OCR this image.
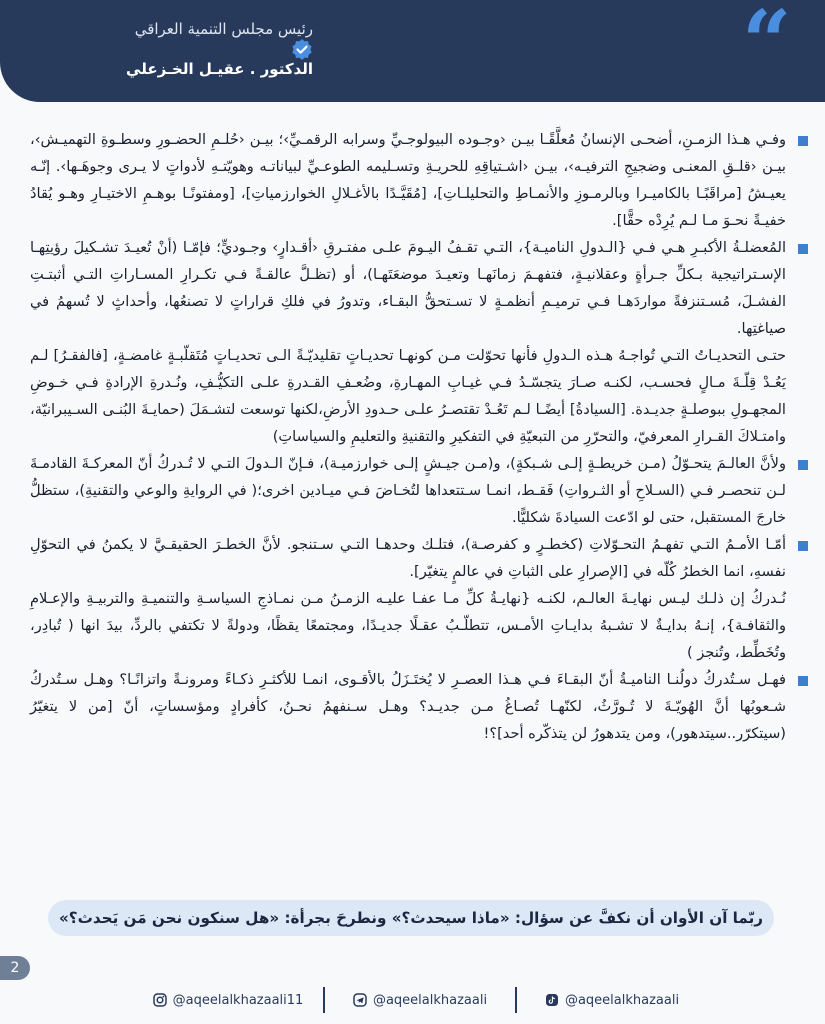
“
رئيس مجلس التنمية العراقي
الدكتور . عقيـل الخـزعلي

وفـي هـذا الزمـنِ، أضحـى الإنسانُ مُعلَّقًـا بيـن ‹وجـوده البيولوجـيِّ وسرابه الرقمـيِّ›؛ بيـن ‹حُلـمِ الحضـورِ وسطـوةِ التهميـش›، بيـن ‹قلـقِ المعنـى وضجيجِ الترفيـه›، بيـن ‹اشـتياقِهِ للحريـةِ وتسـليمه الطوعـيِّ لبياناتـه وهويّتـهِ لأدواتٍ لا يـرى وجوهَـها›. إنّـه يعيـشُ [مراقَبًـا بالكاميـرا وبالرمـوزِ والأنمـاطِ والتحليلـاتِ]، [مُقَيَّـدًا بالأغـلالِ الخوارزمياتِ]، [ومفتونًـا بوهـمِ الاختيـارِ وهـو يُقادُ خفيـةً نحـوَ مـا لـم يُرِدْه حقًّا].

المُعضلـةُ الأكبـرِ هـي فـي {الـدولِ الناميـة}، التـي تقـفُ اليـومَ علـى مفتـرقِ ‹أقـدارٍ› وجـوديٍّ؛ فإمّـا (أنْ تُعيـدَ تشـكيلَ رؤيتِهـا الإسـتراتيجية بـكلِّ جـرأةٍ وعقلانيـةٍ، فتفهـمَ زمانَهـا وتعيـدَ موضعَتَهـا)، أو (تظـلَّ عالقـةً فـي تكـرارِ المسـاراتِ التـي أثبتـتِ الفشـلَ، مُسـتنزفةً مواردَهـا فـي ترميـمِ أنظمـةٍ لا تسـتحقُّ البقـاء، وتدورُ في فلكِ قراراتٍ لا تصنعُها، وأحداثٍ لا تُسهمُ في صياغتِها.

حتـى التحديـاتُ التـي تُواجـهُ هـذه الـدولِ فأنها تحوّلت مـن كونهـا تحديـاتٍ تقليديّـةً الـى تحديـاتٍ مُتَقلّبـةٍ غامضـةٍ، [فالفقـرُ] لـم يَعُـدْ قِلّـةَ مـالٍ فحسـب، لكنـه صـارَ يتجسّـدُ فـي غيـابِ المهـارةِ، وضُعـفِ القـدرةِ علـى التكيُّـفِ، ونُـدرةِ الإرادةِ فـي خـوضِ المجهـولِ ببوصلـةٍ جديـدة. [السيادةُ] أيضًـا لـم تَعُـدْ تقتصـرُ علـى حـدودِ الأرضِ،لكنها توسعت لتشـمَلَ (حمايـةَ البُنـى السـيبرانيّة، وامتـلاكَ القـرارِ المعرفيّ، والتحرّرِ من التبعيّةِ في التفكيرِ والتقنيةِ والتعليمِ والسياساتِ)

ولأنَّ العالـمَ يتحـوّلُ (مـن خريطـةٍ إلـى شـبكةٍ)، و(مـن جيـشٍ إلـى خوارزميـة)، فـإنّ الـدولَ التـي لا تُـدركُ أنّ المعركـةَ القادمـةَ لـن تنحصـر فـي (السـلاحِ أو الثـرواتِ) فَقـط، انمـا سـتتعداها لتُخـاضَ فـي ميـادين اخرى؛( في الروايةِ والوعي والتقنيةِ)، ستظلُّ خارجَ المستقبل، حتى لو ادّعت السيادةَ شكليًّا.

أمّـا الأمـمُ التـي تفهـمُ التحـوّلاتِ (كخطـرٍ و كفرصـة)، فتلـك وحدهـا التـي سـتنجو. لأنَّ الخطـرَ الحقيقـيَّ لا يكمنُ في التحوّلِ نفسهِ، انما الخطرُ كُلّه في [الإصرارِ على الثباتِ في عالمٍ يتغيّر].

نُـدركُ إن ذلـك ليـس نهايـةَ العالـم، لكنـه {نهايـةُ كلِّ مـا عفـا عليـه الزمـنُ مـن نمـاذجِ السياسـةِ والتنميـةِ والتربيـةِ والإعـلامِ والثقافـة}، إنـهُ بدايـةٌ لا تشـبهُ بدايـاتِ الأمـس، تتطلّـبُ عقـلًا جديـدًا، ومجتمعًا يقظًا، ودولةً لا تكتفي بالردِّ، بيدَ انها ( تُبادِر، وتُخَطِّط، وتُنجز )

فهـل سـتُدركُ دولُنـا الناميـةُ أنّ البقـاءَ فـي هـذا العصـرِ لا يُختَـزَلُ بالأقـوى، انمـا للأكثـرِ ذكـاءً ومرونـةً واتزانًـا؟ وهـل سـتُدركُ شـعوبُها أنَّ الهُويّـةَ لا تُـورَّثُ، لكنّهـا تُصـاغُ مـن جديـد؟ وهـل سـنفهمُ نحـنُ، كأفرادٍ ومؤسساتٍ، أنّ [من لا يتغيّرُ (سيتكرّر..سيتدهور)، ومن يتدهورُ لن يتذكّره أحد]؟!

ربّما آن الأوان أن نكفَّ عن سؤال: «ماذا سيحدث؟» ونطرحَ بجرأة: «هل سنكون نحن مَن يَحدث؟»
2
@aqeelalkhazaali11	@aqeelalkhazaali	@aqeelalkhazaali
